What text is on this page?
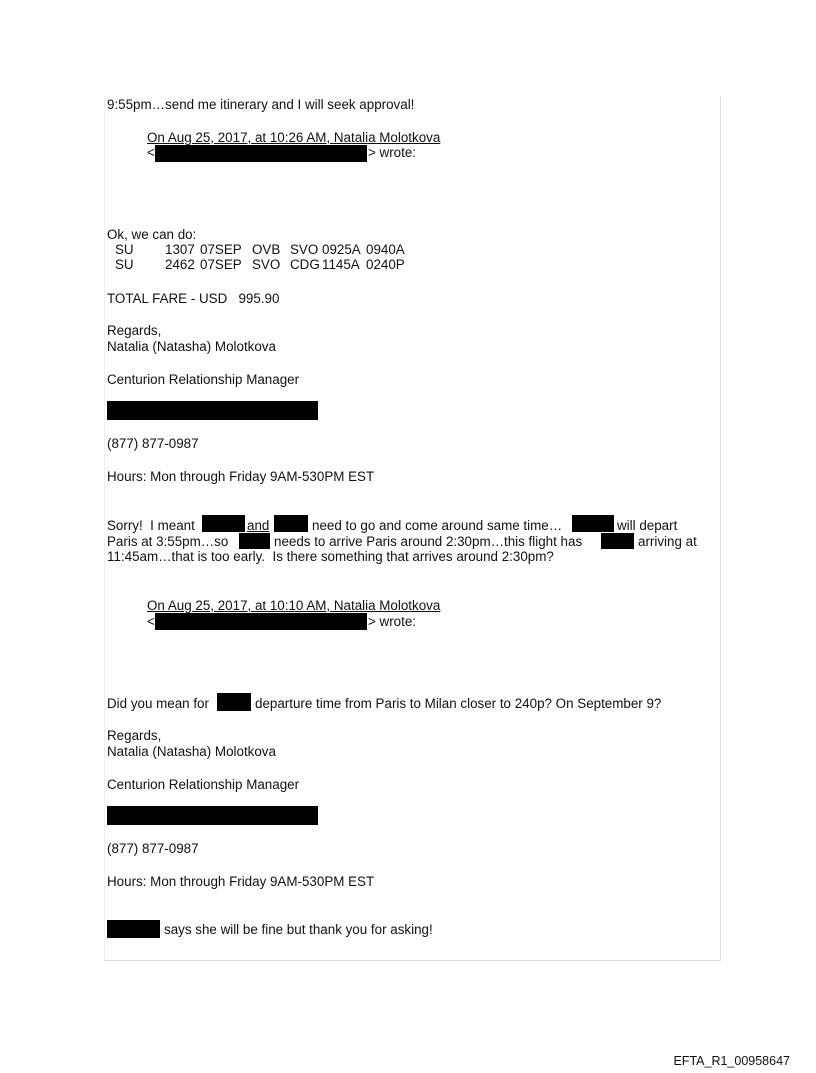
9:55pm…send me itinerary and I will seek approval!
On Aug 25, 2017, at 10:26 AM, Natalia Molotkova
<	> wrote:
Ok, we can do:
SU 1307 07SEP OVB SVO 0925A 0940A
SU 2462 07SEP SVO CDG 1145A 0240P
TOTAL FARE - USD   995.90
Regards,
Natalia (Natasha) Molotkova
Centurion Relationship Manager
(877) 877-0987
Hours: Mon through Friday 9AM-530PM EST
Sorry!  I meant	and	need to go and come around same time…	will depart
Paris at 3:55pm…so	needs to arrive Paris around 2:30pm…this flight has	arriving at
11:45am…that is too early.  Is there something that arrives around 2:30pm?
On Aug 25, 2017, at 10:10 AM, Natalia Molotkova
<	> wrote:
Did you mean for	departure time from Paris to Milan closer to 240p? On September 9?
Regards,
Natalia (Natasha) Molotkova
Centurion Relationship Manager
(877) 877-0987
Hours: Mon through Friday 9AM-530PM EST
says she will be fine but thank you for asking!
EFTA_R1_00958647
